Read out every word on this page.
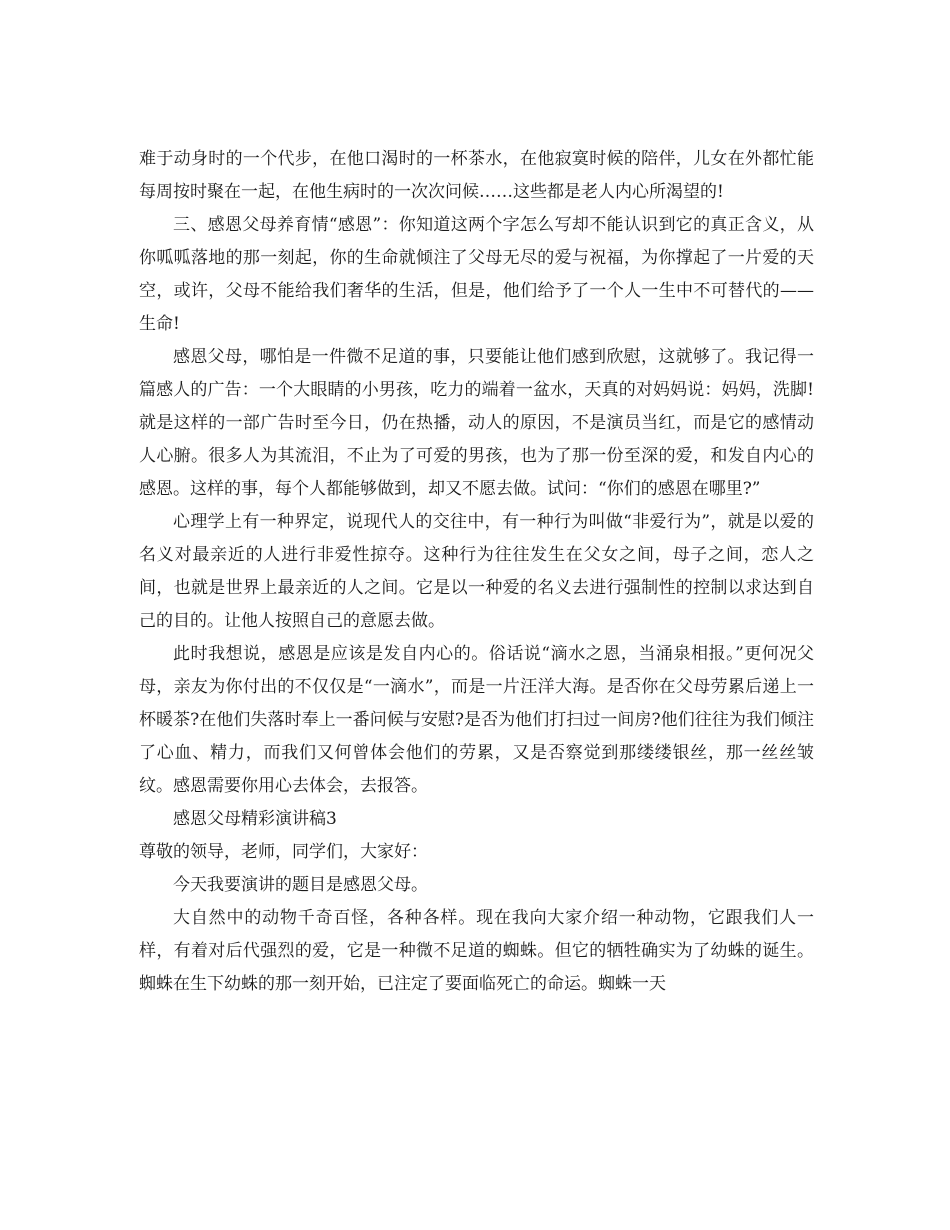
难于动身时的一个代步，在他口渴时的一杯茶水，在他寂寞时候的陪伴，儿女在外都忙能每周按时聚在一起，在他生病时的一次次问候……这些都是老人内心所渴望的!

三、感恩父母养育情“感恩”：你知道这两个字怎么写却不能认识到它的真正含义，从你呱呱落地的那一刻起，你的生命就倾注了父母无尽的爱与祝福，为你撑起了一片爱的天空，或许，父母不能给我们奢华的生活，但是，他们给予了一个人一生中不可替代的——生命!

感恩父母，哪怕是一件微不足道的事，只要能让他们感到欣慰，这就够了。我记得一篇感人的广告：一个大眼睛的小男孩，吃力的端着一盆水，天真的对妈妈说：妈妈，洗脚!就是这样的一部广告时至今日，仍在热播，动人的原因，不是演员当红，而是它的感情动人心腑。很多人为其流泪，不止为了可爱的男孩，也为了那一份至深的爱，和发自内心的感恩。这样的事，每个人都能够做到，却又不愿去做。试问：“你们的感恩在哪里?”

心理学上有一种界定，说现代人的交往中，有一种行为叫做“非爱行为”，就是以爱的名义对最亲近的人进行非爱性掠夺。这种行为往往发生在父女之间，母子之间，恋人之间，也就是世界上最亲近的人之间。它是以一种爱的名义去进行强制性的控制以求达到自己的目的。让他人按照自己的意愿去做。

此时我想说，感恩是应该是发自内心的。俗话说“滴水之恩，当涌泉相报。”更何况父母，亲友为你付出的不仅仅是“一滴水”，而是一片汪洋大海。是否你在父母劳累后递上一杯暖茶?在他们失落时奉上一番问候与安慰?是否为他们打扫过一间房?他们往往为我们倾注了心血、精力，而我们又何曾体会他们的劳累，又是否察觉到那缕缕银丝，那一丝丝皱纹。感恩需要你用心去体会，去报答。

感恩父母精彩演讲稿3

尊敬的领导，老师，同学们，大家好：

今天我要演讲的题目是感恩父母。

大自然中的动物千奇百怪，各种各样。现在我向大家介绍一种动物，它跟我们人一样，有着对后代强烈的爱，它是一种微不足道的蜘蛛。但它的牺牲确实为了幼蛛的诞生。蜘蛛在生下幼蛛的那一刻开始，已注定了要面临死亡的命运。蜘蛛一天
